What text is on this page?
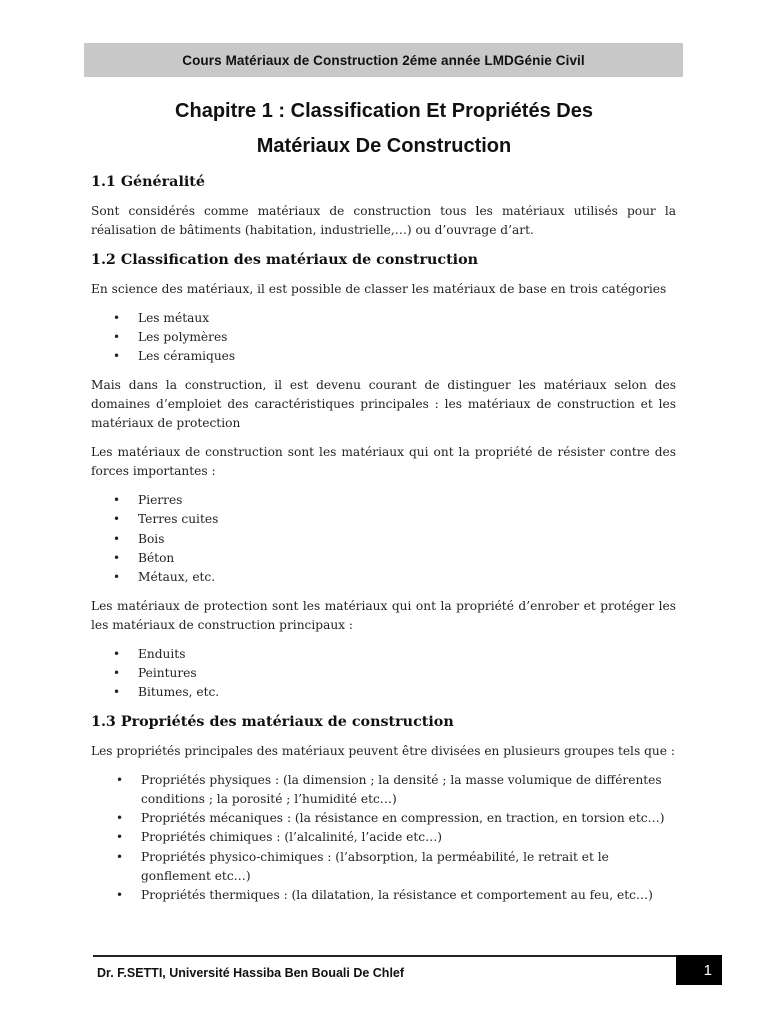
Cours Matériaux de Construction 2éme année LMDGénie Civil
Chapitre 1 : Classification Et Propriétés Des
Matériaux De Construction
1.1 Généralité

Sont considérés comme matériaux de construction tous les matériaux utilisés pour la réalisation de bâtiments (habitation, industrielle,…) ou d’ouvrage d’art.

1.2 Classification des matériaux de construction

En science des matériaux, il est possible de classer les matériaux de base en trois catégories

• Les métaux
• Les polymères
• Les céramiques

Mais dans la construction, il est devenu courant de distinguer les matériaux selon des domaines d’emploiet des caractéristiques principales : les matériaux de construction et les matériaux de protection

Les matériaux de construction sont les matériaux qui ont la propriété de résister contre des forces importantes :

• Pierres
• Terres cuites
• Bois
• Béton
• Métaux, etc.

Les matériaux de protection sont les matériaux qui ont la propriété d’enrober et protéger les les matériaux de construction principaux :

• Enduits
• Peintures
• Bitumes, etc.
1.3 Propriétés des matériaux de construction

Les propriétés principales des matériaux peuvent être divisées en plusieurs groupes tels que :

• Propriétés physiques : (la dimension ; la densité ; la masse volumique de différentes conditions ; la porosité ; l’humidité etc…)
• Propriétés mécaniques : (la résistance en compression, en traction, en torsion etc…)
• Propriétés chimiques : (l’alcalinité, l’acide etc…)
• Propriétés physico-chimiques : (l’absorption, la perméabilité, le retrait et le gonflement etc…)
• Propriétés thermiques : (la dilatation, la résistance et comportement au feu, etc…)
Dr. F.SETTI, Université Hassiba Ben Bouali De Chlef	1
